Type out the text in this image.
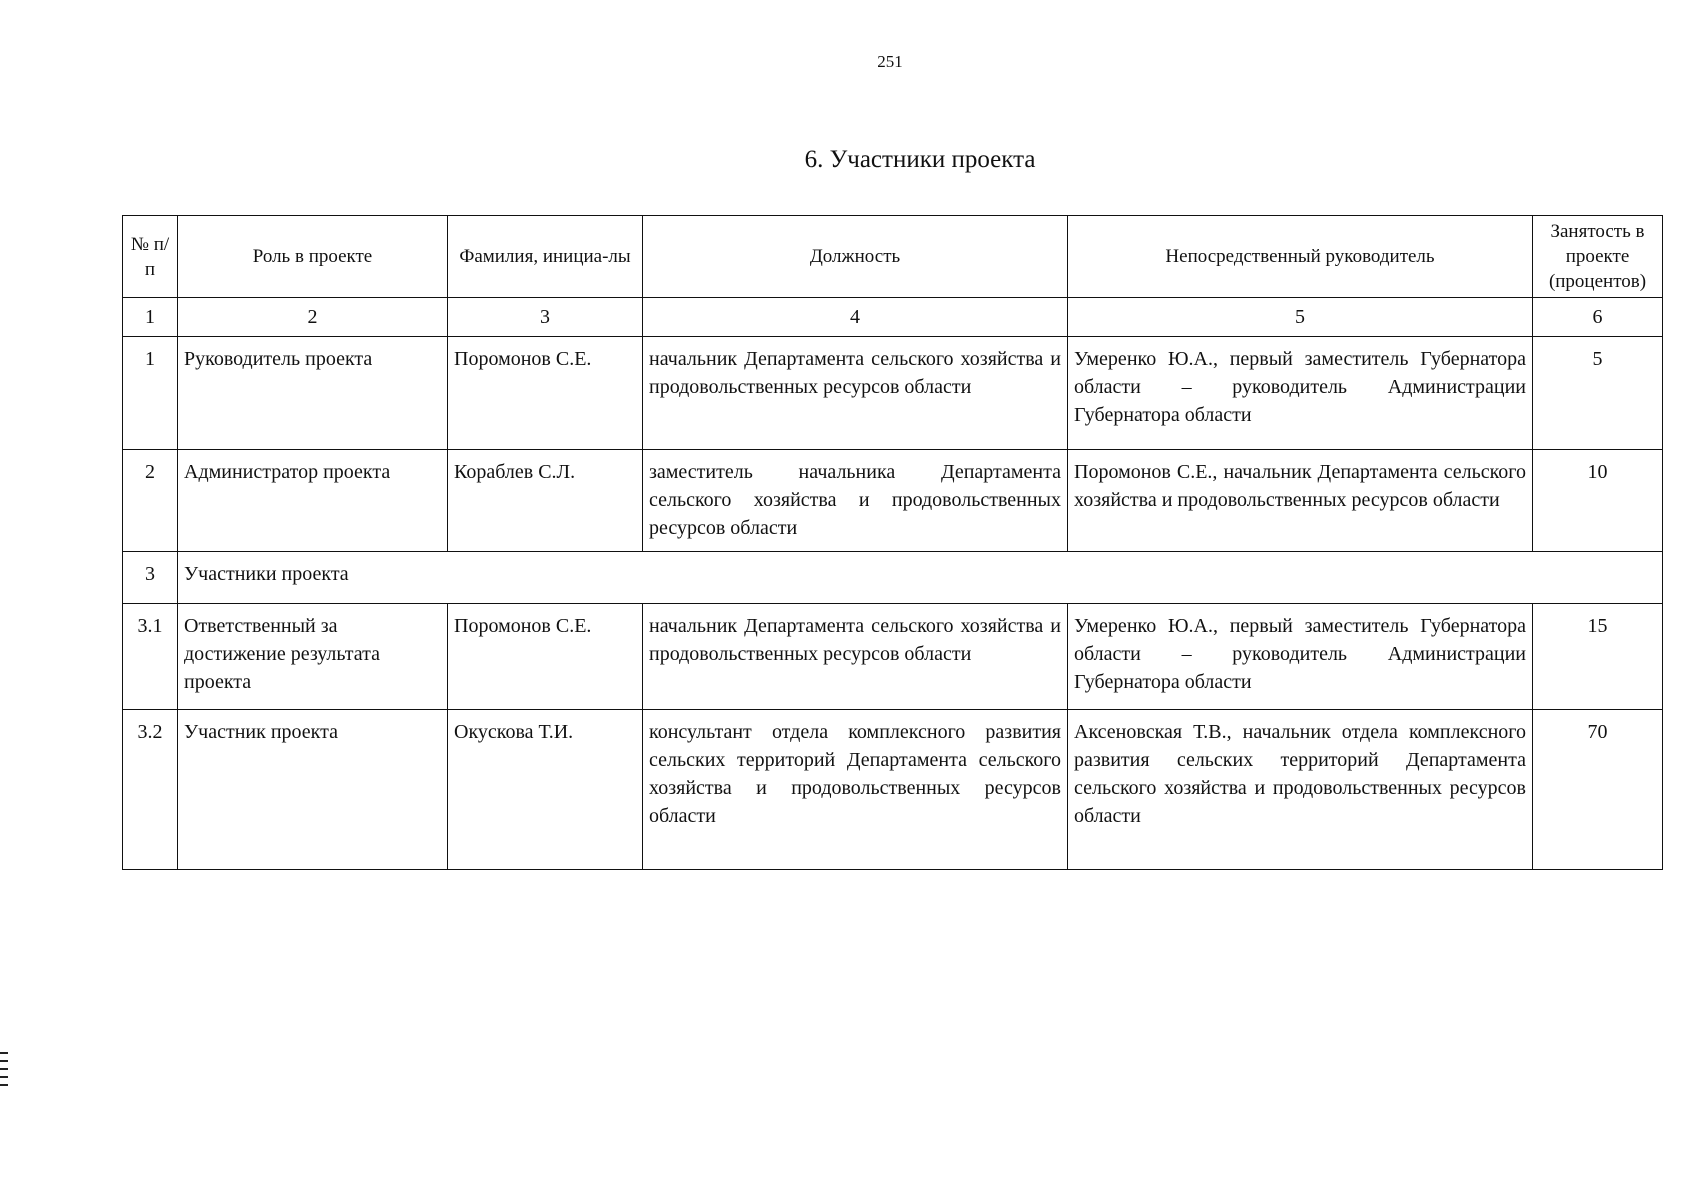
251
6. Участники проекта
№ п/п	Роль в проекте	Фамилия, инициа-лы	Должность	Непосредственный руководитель	Занятость в проекте (процентов)
1	2	3	4	5	6
1	Руководитель проекта	Поромонов С.Е.	начальник Департамента сельского хозяйства и продовольственных ресурсов области	Умеренко Ю.А., первый заместитель Губернатора области – руководитель Администрации Губернатора области	5
2	Администратор проекта	Кораблев С.Л.	заместитель начальника Департамента сельского хозяйства и продовольственных ресурсов области	Поромонов С.Е., начальник Департамента сельского хозяйства и продовольственных ресурсов области	10
3	Участники проекта				
3.1	Ответственный за достижение результата проекта	Поромонов С.Е.	начальник Департамента сельского хозяйства и продовольственных ресурсов области	Умеренко Ю.А., первый заместитель Губернатора области – руководитель Администрации Губернатора области	15
3.2	Участник проекта	Окускова Т.И.	консультант отдела комплексного развития сельских территорий Департамента сельского хозяйства и продовольственных ресурсов области	Аксеновская Т.В., начальник отдела комплексного развития сельских территорий Департамента сельского хозяйства и продовольственных ресурсов области	70
